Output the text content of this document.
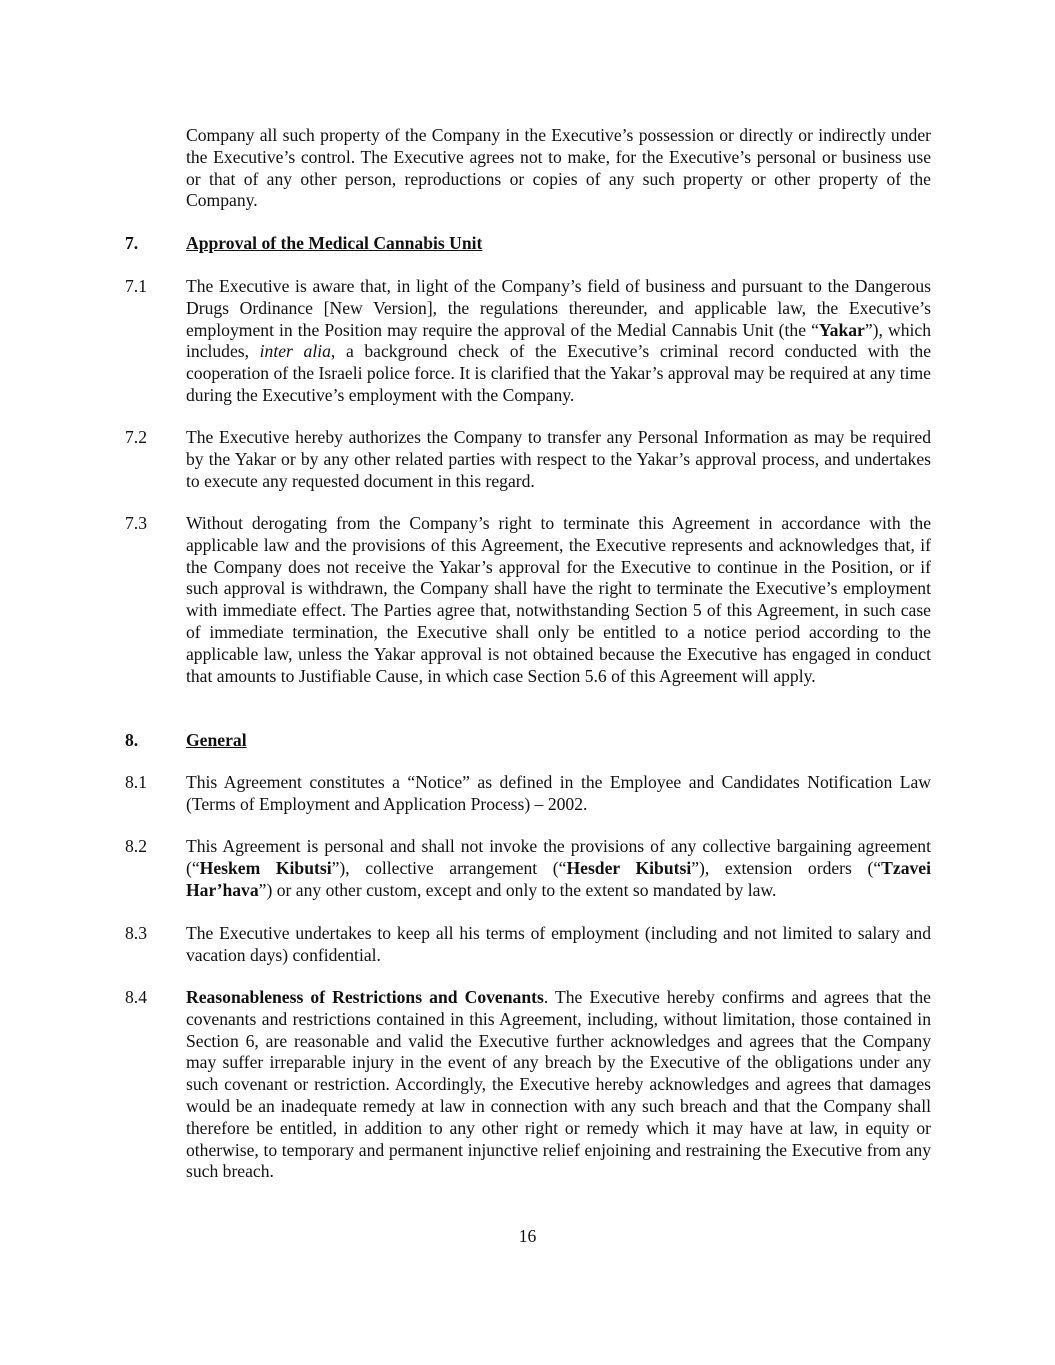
Company all such property of the Company in the Executive’s possession or directly or indirectly under the Executive’s control. The Executive agrees not to make, for the Executive’s personal or business use or that of any other person, reproductions or copies of any such property or other property of the Company.
7.	Approval of the Medical Cannabis Unit
7.1 The Executive is aware that, in light of the Company’s field of business and pursuant to the Dangerous Drugs Ordinance [New Version], the regulations thereunder, and applicable law, the Executive’s employment in the Position may require the approval of the Medial Cannabis Unit (the “Yakar”), which includes, inter alia, a background check of the Executive’s criminal record conducted with the cooperation of the Israeli police force. It is clarified that the Yakar’s approval may be required at any time during the Executive’s employment with the Company.
7.2 The Executive hereby authorizes the Company to transfer any Personal Information as may be required by the Yakar or by any other related parties with respect to the Yakar’s approval process, and undertakes to execute any requested document in this regard.
7.3 Without derogating from the Company’s right to terminate this Agreement in accordance with the applicable law and the provisions of this Agreement, the Executive represents and acknowledges that, if the Company does not receive the Yakar’s approval for the Executive to continue in the Position, or if such approval is withdrawn, the Company shall have the right to terminate the Executive’s employment with immediate effect. The Parties agree that, notwithstanding Section 5 of this Agreement, in such case of immediate termination, the Executive shall only be entitled to a notice period according to the applicable law, unless the Yakar approval is not obtained because the Executive has engaged in conduct that amounts to Justifiable Cause, in which case Section 5.6 of this Agreement will apply.
8.	General
8.1 This Agreement constitutes a “Notice” as defined in the Employee and Candidates Notification Law (Terms of Employment and Application Process) – 2002.
8.2 This Agreement is personal and shall not invoke the provisions of any collective bargaining agreement (“Heskem Kibutsi”), collective arrangement (“Hesder Kibutsi”), extension orders (“Tzavei Har’hava”) or any other custom, except and only to the extent so mandated by law.
8.3 The Executive undertakes to keep all his terms of employment (including and not limited to salary and vacation days) confidential.
8.4 Reasonableness of Restrictions and Covenants. The Executive hereby confirms and agrees that the covenants and restrictions contained in this Agreement, including, without limitation, those contained in Section 6, are reasonable and valid the Executive further acknowledges and agrees that the Company may suffer irreparable injury in the event of any breach by the Executive of the obligations under any such covenant or restriction. Accordingly, the Executive hereby acknowledges and agrees that damages would be an inadequate remedy at law in connection with any such breach and that the Company shall therefore be entitled, in addition to any other right or remedy which it may have at law, in equity or otherwise, to temporary and permanent injunctive relief enjoining and restraining the Executive from any such breach.
16
